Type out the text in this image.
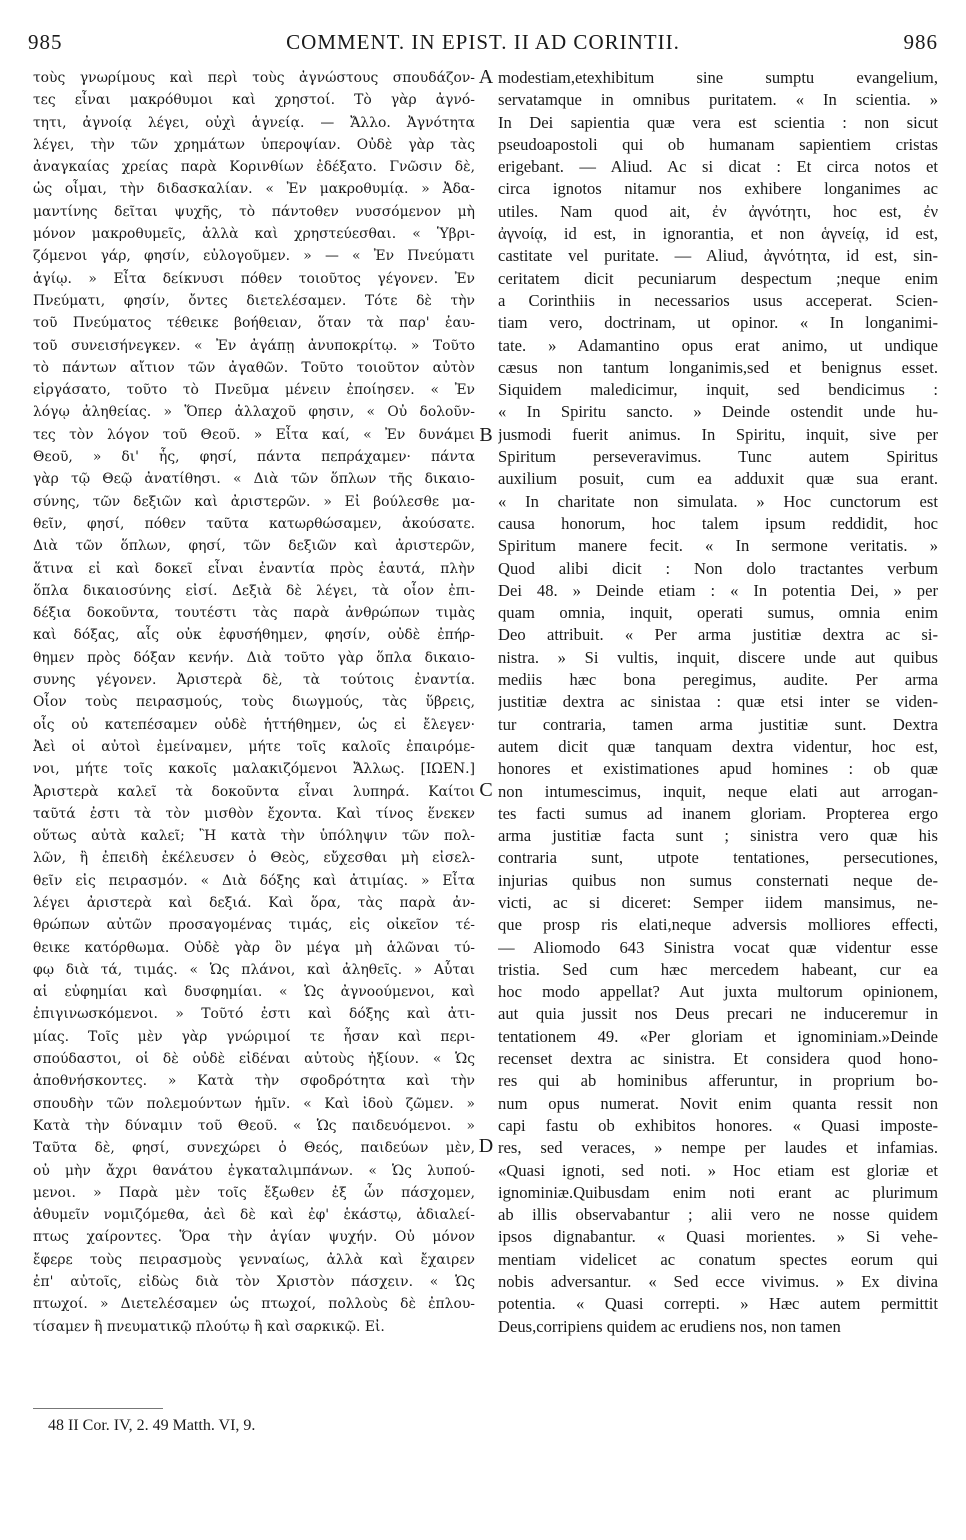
985	COMMENT. IN EPIST. II AD CORINTII.	986
τοὺς γνωρίμους καὶ περὶ τοὺς ἀγνώστους σπουδάζον-
τες εἶναι μακρόθυμοι καὶ χρηστοί. Τὸ γὰρ ἀγνό-
τητι, ἀγνοίᾳ λέγει, οὐχὶ ἁγνείᾳ. — Ἄλλο. Ἀγνότητα
λέγει, τὴν τῶν χρημάτων ὑπεροψίαν. Οὐδὲ γὰρ τὰς
ἀναγκαίας χρείας παρὰ Κορινθίων ἐδέξατο. Γνῶσιν δὲ,
ὡς οἶμαι, τὴν διδασκαλίαν. « Ἐν μακροθυμίᾳ. » Ἀδα-
μαντίνης δεῖται ψυχῆς, τὸ πάντοθεν νυσσόμενον μὴ
μόνον μακροθυμεῖς, ἀλλὰ καὶ χρηστεύεσθαι. « Ὑβρι-
ζόμενοι γάρ, φησίν, εὐλογοῦμεν. » — « Ἐν Πνεύματι
ἁγίῳ. » Εἶτα δείκνυσι πόθεν τοιοῦτος γέγονεν. Ἐν
Πνεύματι, φησίν, ὄντες διετελέσαμεν. Τότε δὲ τὴν
τοῦ Πνεύματος τέθεικε βοήθειαν, ὅταν τὰ παρ' ἑαυ-
τοῦ συνεισήνεγκεν. « Ἐν ἀγάπῃ ἀνυποκρίτῳ. » Τοῦτο
τὸ πάντων αἴτιον τῶν ἀγαθῶν. Τοῦτο τοιοῦτον αὐτὸν
εἰργάσατο, τοῦτο τὸ Πνεῦμα μένειν ἐποίησεν. « Ἐν
λόγῳ ἀληθείας. » Ὅπερ ἀλλαχοῦ φησιν, « Οὐ δολοῦν-
τες τὸν λόγον τοῦ Θεοῦ. » Εἶτα καί, « Ἐν δυνάμει
Θεοῦ, » δι' ἧς, φησί, πάντα πεπράχαμεν· πάντα
γὰρ τῷ Θεῷ ἀνατίθησι. « Διὰ τῶν ὅπλων τῆς δικαιο-
σύνης, τῶν δεξιῶν καὶ ἀριστερῶν. » Εἰ βούλεσθε μα-
θεῖν, φησί, πόθεν ταῦτα κατωρθώσαμεν, ἀκούσατε.
Διὰ τῶν ὅπλων, φησί, τῶν δεξιῶν καὶ ἀριστερῶν,
ἅτινα εἰ καὶ δοκεῖ εἶναι ἐναντία πρὸς ἑαυτά, πλὴν
ὅπλα δικαιοσύνης εἰσί. Δεξιὰ δὲ λέγει, τὰ οἷον ἐπι-
δέξια δοκοῦντα, τουτέστι τὰς παρὰ ἀνθρώπων τιμὰς
καὶ δόξας, αἷς οὐκ ἐφυσήθημεν, φησίν, οὐδὲ ἐπήρ-
θημεν πρὸς δόξαν κενήν. Διὰ τοῦτο γὰρ ὅπλα δικαιο-
συνης γέγονεν. Ἀριστερὰ δὲ, τὰ τούτοις ἐναντία.
Οἷον τοὺς πειρασμούς, τοὺς διωγμούς, τὰς ὕβρεις,
οἷς οὐ κατεπέσαμεν οὐδὲ ἡττήθημεν, ὡς εἰ ἔλεγεν·
Ἀεὶ οἱ αὐτοὶ ἐμείναμεν, μήτε τοῖς καλοῖς ἐπαιρόμε-
νοι, μήτε τοῖς κακοῖς μαλακιζόμενοι Ἄλλως. [ΙΩΕΝ.]
Ἀριστερὰ καλεῖ τὰ δοκοῦντα εἶναι λυπηρά. Καίτοι
ταῦτά ἐστι τὰ τὸν μισθὸν ἔχοντα. Καὶ τίνος ἕνεκεν
οὕτως αὐτὰ καλεῖ; Ἢ κατὰ τὴν ὑπόληψιν τῶν πολ-
λῶν, ἢ ἐπειδὴ ἐκέλευσεν ὁ Θεὸς, εὔχεσθαι μὴ εἰσελ-
θεῖν εἰς πειρασμόν. « Διὰ δόξης καὶ ἀτιμίας. » Εἶτα
λέγει ἀριστερὰ καὶ δεξιά. Καὶ ὅρα, τὰς παρὰ ἀν-
θρώπων αὐτῶν προσαγομένας τιμάς, εἰς οἰκεῖον τέ-
θεικε κατόρθωμα. Οὐδὲ γὰρ ὃν μέγα μὴ ἁλῶναι τύ-
φῳ διὰ τά, τιμάς. « Ὡς πλάνοι, καὶ ἀληθεῖς. » Αὗται
αἱ εὐφημίαι καὶ δυσφημίαι. « Ὡς ἀγνοούμενοι, καὶ
ἐπιγινωσκόμενοι. » Τοῦτό ἐστι καὶ δόξης καὶ ἀτι-
μίας. Τοῖς μὲν γὰρ γνώριμοί τε ἦσαν καὶ περι-
σπούδαστοι, οἱ δὲ οὐδὲ εἰδέναι αὐτοὺς ἠξίουν. « Ὡς
ἀποθνήσκοντες. » Κατὰ τὴν σφοδρότητα καὶ τὴν
σπουδὴν τῶν πολεμούντων ἡμῖν. « Καὶ ἰδοὺ ζῶμεν. »
Κατὰ τὴν δύναμιν τοῦ Θεοῦ. « Ὡς παιδευόμενοι. »
Ταῦτα δὲ, φησί, συνεχώρει ὁ Θεός, παιδεύων μὲν,
οὐ μὴν ἄχρι θανάτου ἐγκαταλιμπάνων. « Ὡς λυπού-
μενοι. » Παρὰ μὲν τοῖς ἔξωθεν ἐξ ὧν πάσχομεν,
ἀθυμεῖν νομιζόμεθα, ἀεὶ δὲ καὶ ἐφ' ἑκάστῳ, ἀδιαλεί-
πτως χαίροντες. Ὅρα τὴν ἁγίαν ψυχήν. Οὐ μόνον
ἔφερε τοὺς πειρασμοὺς γενναίως, ἀλλὰ καὶ ἔχαιρεν
ἐπ' αὐτοῖς, εἰδὼς διὰ τὸν Χριστὸν πάσχειν. « Ὡς
πτωχοί. » Διετελέσαμεν ὡς πτωχοί, πολλοὺς δὲ ἐπλου-
τίσαμεν ἢ πνευματικῷ πλούτῳ ἢ καὶ σαρκικῷ. Εἰ.
modestiam,etexhibitum sine sumptu evangelium,
servatamque in omnibus puritatem. « In scientia. »
In Dei sapientia quæ vera est scientia : non sicut
pseudoapostoli qui ob humanam sapientiem cristas
erigebant. — Aliud. Ac si dicat : Et circa notos et
circa ignotos nitamur nos exhibere longanimes ac
utiles. Nam quod ait, ἐν ἀγνότητι, hoc est, ἐν
ἀγνοίᾳ, id est, in ignorantia, et non ἁγνείᾳ, id est,
castitate vel puritate. — Aliud, ἀγνότητα, id est, sin-
ceritatem dicit pecuniarum despectum ;neque enim
a Corinthiis in necessarios usus acceperat. Scien-
tiam vero, doctrinam, ut opinor. « In longanimi-
tate. » Adamantino opus erat animo, ut undique
cæsus non tantum longanimis,sed et benignus esset.
Siquidem maledicimur, inquit, sed bendicimus :
« In Spiritu sancto. » Deinde ostendit unde hu-
jusmodi fuerit animus. In Spiritu, inquit, sive per
Spiritum perseveravimus. Tunc autem Spiritus
auxilium posuit, cum ea adduxit quæ sua erant.
« In charitate non simulata. » Hoc cunctorum est
causa honorum, hoc talem ipsum reddidit, hoc
Spiritum manere fecit. « In sermone veritatis. »
Quod alibi dicit : Non dolo tractantes verbum
Dei 48. » Deinde etiam : « In potentia Dei, » per
quam omnia, inquit, operati sumus, omnia enim
Deo attribuit. « Per arma justitiæ dextra ac si-
nistra. » Si vultis, inquit, discere unde aut quibus
mediis hæc bona peregimus, audite. Per arma
justitiæ dextra ac sinistaa : quæ etsi inter se viden-
tur contraria, tamen arma justitiæ sunt. Dextra
autem dicit quæ tanquam dextra videntur, hoc est,
honores et existimationes apud homines : ob quæ
non intumescimus, inquit, neque elati aut arrogan-
tes facti sumus ad inanem gloriam. Propterea ergo
arma justitiæ facta sunt ; sinistra vero quæ his
contraria sunt, utpote tentationes, persecutiones,
injurias quibus non sumus consternati neque de-
victi, ac si diceret: Semper iidem mansimus, ne-
que prosp ris elati,neque adversis molliores effecti,
— Aliomodo 643 Sinistra vocat quæ videntur esse
tristia. Sed cum hæc mercedem habeant, cur ea
hoc modo appellat? Aut juxta multorum opinionem,
aut quia jussit nos Deus precari ne induceremur in
tentationem 49. «Per gloriam et ignominiam.»Deinde
recenset dextra ac sinistra. Et considera quod hono-
res qui ab hominibus afferuntur, in proprium bo-
num opus numerat. Novit enim quanta ressit non
capi fastu ob exhibitos honores. « Quasi imposte-
res, sed veraces, » nempe per laudes et infamias.
«Quasi ignoti, sed noti. » Hoc etiam est gloriæ et
ignominiæ.Quibusdam enim noti erant ac plurimum
ab illis observabantur ; alii vero ne nosse quidem
ipsos dignabantur. « Quasi morientes. » Si vehe-
mentiam videlicet ac conatum spectes eorum qui
nobis adversantur. « Sed ecce vivimus. » Ex divina
potentia. « Quasi correpti. » Hæc autem permittit
Deus,corripiens quidem ac erudiens nos, non tamen
A
B
C
D
48 II Cor. IV, 2. 49 Matth. VI, 9.
